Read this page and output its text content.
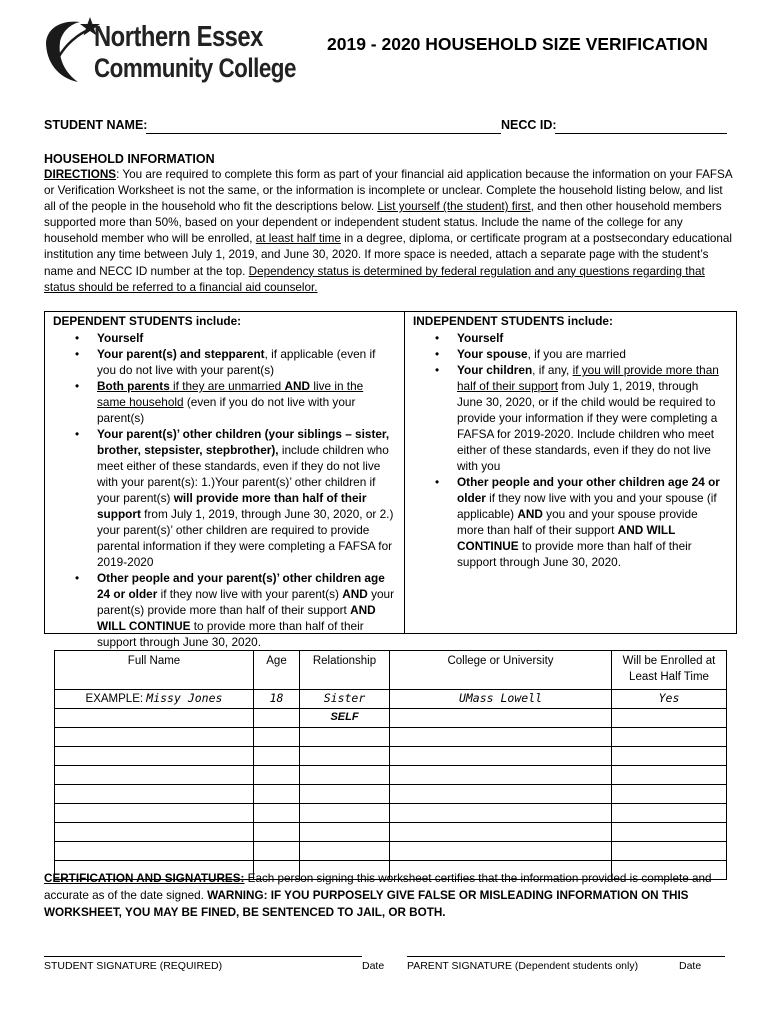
Northern Essex
Community College
2019 - 2020 HOUSEHOLD SIZE VERIFICATION
STUDENT NAME:	NECC ID:
HOUSEHOLD INFORMATION
DIRECTIONS: You are required to complete this form as part of your financial aid application because the information on your FAFSA or Verification Worksheet is not the same, or the information is incomplete or unclear. Complete the household listing below, and list all of the people in the household who fit the descriptions below. List yourself (the student) first, and then other household members supported more than 50%, based on your dependent or independent student status. Include the name of the college for any household member who will be enrolled, at least half time in a degree, diploma, or certificate program at a postsecondary educational institution any time between July 1, 2019, and June 30, 2020. If more space is needed, attach a separate page with the student’s name and NECC ID number at the top. Dependency status is determined by federal regulation and any questions regarding that status should be referred to a financial aid counselor.
DEPENDENT STUDENTS include:
• Yourself
• Your parent(s) and stepparent, if applicable (even if you do not live with your parent(s)
• Both parents if they are unmarried AND live in the same household (even if you do not live with your parent(s)
• Your parent(s)’ other children (your siblings – sister, brother, stepsister, stepbrother), include children who meet either of these standards, even if they do not live with your parent(s): 1.)Your parent(s)’ other children if your parent(s) will provide more than half of their support from July 1, 2019, through June 30, 2020, or 2.) your parent(s)’ other children are required to provide parental information if they were completing a FAFSA for 2019-2020
• Other people and your parent(s)’ other children age 24 or older if they now live with your parent(s) AND your parent(s) provide more than half of their support AND WILL CONTINUE to provide more than half of their support through June 30, 2020.
INDEPENDENT STUDENTS include:
• Yourself
• Your spouse, if you are married
• Your children, if any, if you will provide more than half of their support from July 1, 2019, through June 30, 2020, or if the child would be required to provide your information if they were completing a FAFSA for 2019-2020. Include children who meet either of these standards, even if they do not live with you
• Other people and your other children age 24 or older if they now live with you and your spouse (if applicable) AND you and your spouse provide more than half of their support AND WILL CONTINUE to provide more than half of their support through June 30, 2020.
Full Name	Age	Relationship	College or University	Will be Enrolled at Least Half Time
EXAMPLE: Missy Jones	18	Sister	UMass Lowell	Yes
		SELF		

CERTIFICATION AND SIGNATURES: Each person signing this worksheet certifies that the information provided is complete and accurate as of the date signed. WARNING: IF YOU PURPOSELY GIVE FALSE OR MISLEADING INFORMATION ON THIS WORKSHEET, YOU MAY BE FINED, BE SENTENCED TO JAIL, OR BOTH.
STUDENT SIGNATURE (REQUIRED)	Date PARENT SIGNATURE (Dependent students only)	Date
